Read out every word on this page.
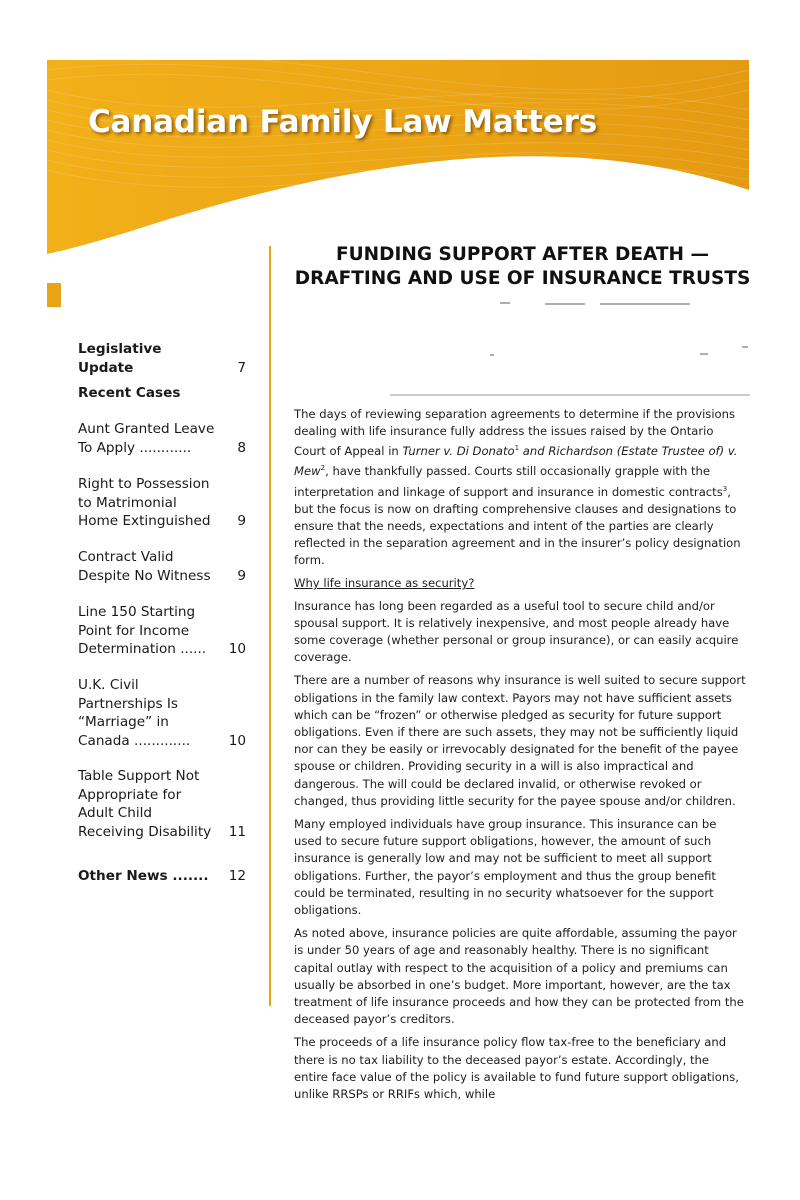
Canadian Family Law Matters
Legislative Update	7
Recent Cases
Aunt Granted Leave
To Apply ............	8
Right to Possession
to Matrimonial
Home Extinguished	9
Contract Valid
Despite No Witness	9
Line 150 Starting
Point for Income
Determination ......	10
U.K. Civil
Partnerships Is
“Marriage” in
Canada .............	10
Table Support Not
Appropriate for
Adult Child
Receiving Disability	11
Other News .......	12
FUNDING SUPPORT AFTER DEATH — DRAFTING AND USE OF INSURANCE TRUSTS

The days of reviewing separation agreements to determine if the provisions dealing with life insurance fully address the issues raised by the Ontario Court of Appeal in Turner v. Di Donato$^1$ and Richardson (Estate Trustee of) v. Mew$^2$, have thankfully passed. Courts still occasionally grapple with the interpretation and linkage of support and insurance in domestic contracts$^3$, but the focus is now on drafting comprehensive clauses and designations to ensure that the needs, expectations and intent of the parties are clearly reflected in the separation agreement and in the insurer’s policy designation form.

Why life insurance as security?

Insurance has long been regarded as a useful tool to secure child and/or spousal support. It is relatively inexpensive, and most people already have some coverage (whether personal or group insurance), or can easily acquire coverage.

There are a number of reasons why insurance is well suited to secure support obligations in the family law context. Payors may not have sufficient assets which can be “frozen” or otherwise pledged as security for future support obligations. Even if there are such assets, they may not be sufficiently liquid nor can they be easily or irrevocably designated for the benefit of the payee spouse or children. Providing security in a will is also impractical and dangerous. The will could be declared invalid, or otherwise revoked or changed, thus providing little security for the payee spouse and/or children.

Many employed individuals have group insurance. This insurance can be used to secure future support obligations, however, the amount of such insurance is generally low and may not be sufficient to meet all support obligations. Further, the payor’s employment and thus the group benefit could be terminated, resulting in no security whatsoever for the support obligations.

As noted above, insurance policies are quite affordable, assuming the payor is under 50 years of age and reasonably healthy. There is no significant capital outlay with respect to the acquisition of a policy and premiums can usually be absorbed in one’s budget. More important, however, are the tax treatment of life insurance proceeds and how they can be protected from the deceased payor’s creditors.

The proceeds of a life insurance policy flow tax-free to the beneficiary and there is no tax liability to the deceased payor’s estate. Accordingly, the entire face value of the policy is available to fund future support obligations, unlike RRSPs or RRIFs which, while
